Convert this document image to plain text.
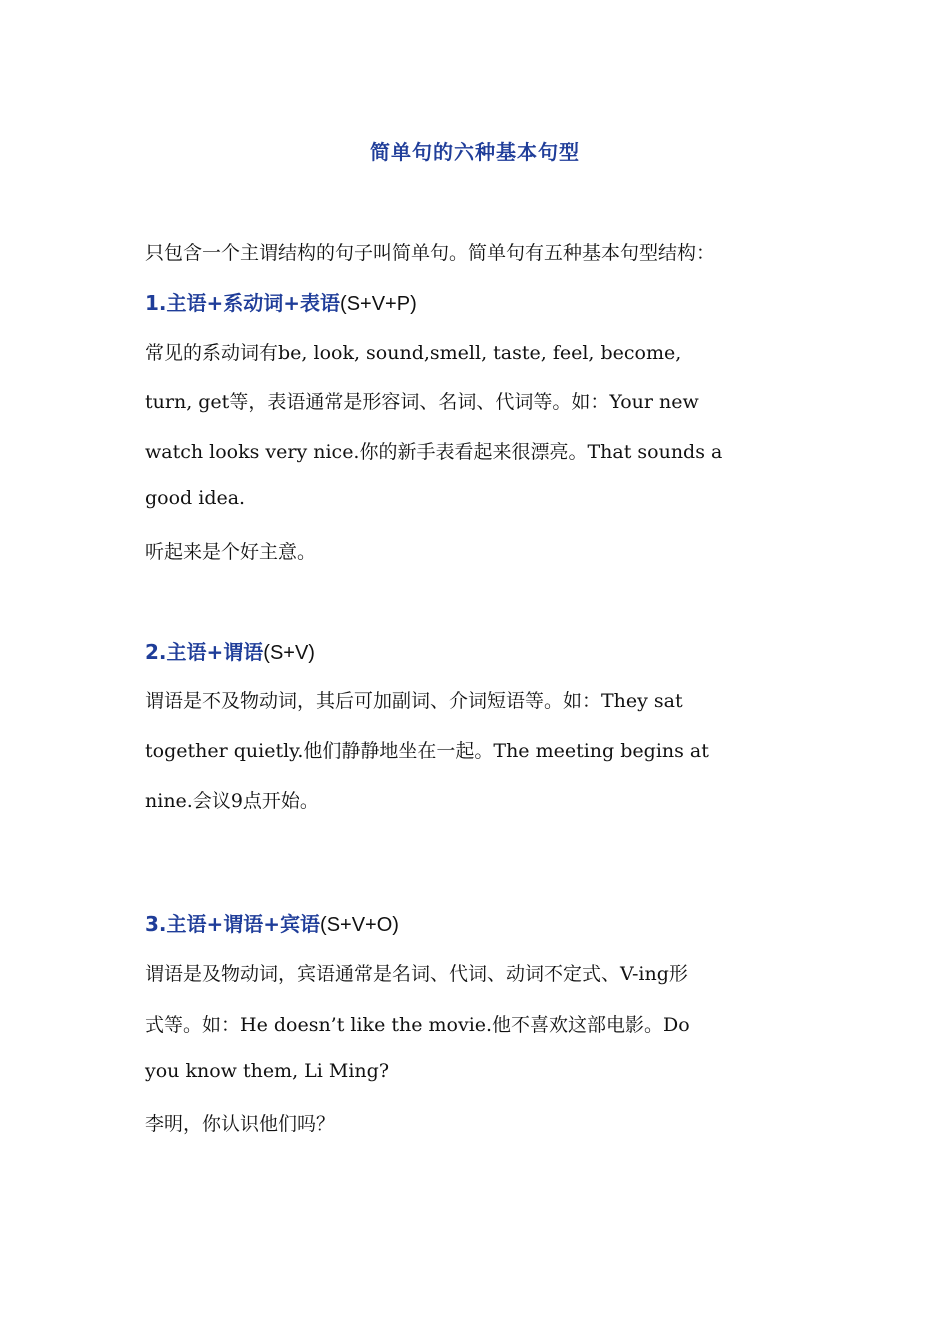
简单句的六种基本句型
只包含一个主谓结构的句子叫简单句。简单句有五种基本句型结构：
1.主语+系动词+表语(S+V+P)
常见的系动词有be, look, sound,smell, taste, feel, become,
turn, get等，表语通常是形容词、名词、代词等。如：Your new
watch looks very nice.你的新手表看起来很漂亮。That sounds a
good idea.
听起来是个好主意。
2.主语+谓语(S+V)
谓语是不及物动词，其后可加副词、介词短语等。如：They sat
together quietly.他们静静地坐在一起。The meeting begins at
nine.会议9点开始。
3.主语+谓语+宾语(S+V+O)
谓语是及物动词，宾语通常是名词、代词、动词不定式、V-ing形
式等。如：He doesn’t like the movie.他不喜欢这部电影。Do
you know them, Li Ming?
李明，你认识他们吗？
